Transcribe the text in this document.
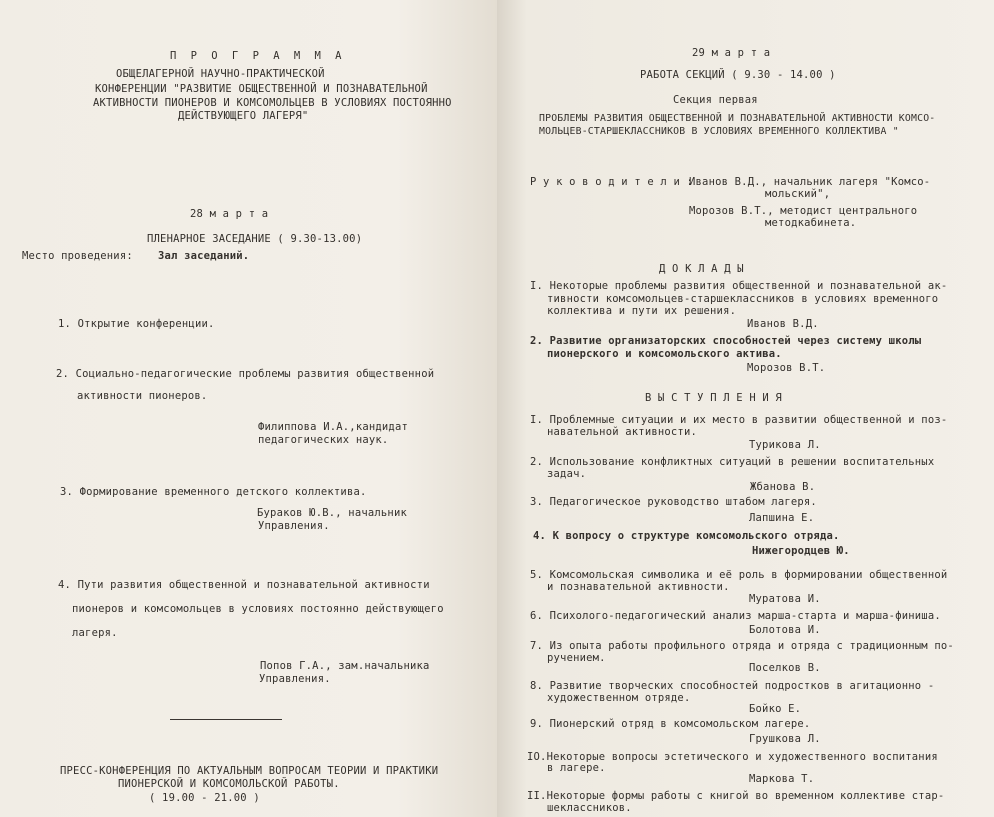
П Р О Г Р А М М А
ОБЩЕЛАГЕРНОЙ НАУЧНО-ПРАКТИЧЕСКОЙ
КОНФЕРЕНЦИИ "РАЗВИТИЕ ОБЩЕСТВЕННОЙ И ПОЗНАВАТЕЛЬНОЙ
АКТИВНОСТИ ПИОНЕРОВ И КОМСОМОЛЬЦЕВ В УСЛОВИЯХ ПОСТОЯННО
ДЕЙСТВУЮЩЕГО ЛАГЕРЯ"
28 м а р т а
ПЛЕНАРНОЕ ЗАСЕДАНИЕ ( 9.30-13.00)
Место проведения: Зал заседаний.
1. Открытие конференции.
2. Социально-педагогические проблемы развития общественной
активности пионеров.
Филиппова И.А.,кандидат
педагогических наук.
3. Формирование временного детского коллектива.
Бураков Ю.В., начальник
Управления.
4. Пути развития общественной и познавательной активности
пионеров и комсомольцев в условиях постоянно действующего
лагеря.
Попов Г.А., зам.начальника
Управления.
ПРЕСС-КОНФЕРЕНЦИЯ ПО АКТУАЛЬНЫМ ВОПРОСАМ ТЕОРИИ И ПРАКТИКИ
ПИОНЕРСКОЙ И КОМСОМОЛЬСКОЙ РАБОТЫ.
( 19.00 - 21.00 )
29 м а р т а
РАБОТА СЕКЦИЙ ( 9.30 - 14.00 )
Секция первая
ПРОБЛЕМЫ РАЗВИТИЯ ОБЩЕСТВЕННОЙ И ПОЗНАВАТЕЛЬНОЙ АКТИВНОСТИ КОМСО-
МОЛЬЦЕВ-СТАРШЕКЛАССНИКОВ В УСЛОВИЯХ ВРЕМЕННОГО КОЛЛЕКТИВА "
Р у к о в о д и т е л и :
Иванов В.Д., начальник лагеря "Комсо-
мольский",
Морозов В.Т., методист центрального
методкабинета.
Д О К Л А Д Ы
I. Некоторые проблемы развития общественной и познавательной ак-
тивности комсомольцев-старшеклассников в условиях временного
коллектива и пути их решения.
Иванов В.Д.
2. Развитие организаторских способностей через систему школы
пионерского и комсомольского актива.
Морозов В.Т.
В Ы С Т У П Л Е Н И Я
I. Проблемные ситуации и их место в развитии общественной и поз-
навательной активности.
Турикова Л.
2. Использование конфликтных ситуаций в решении воспитательных
задач.
Жбанова В.
3. Педагогическое руководство штабом лагеря.
Лапшина Е.
4. К вопросу о структуре комсомольского отряда.
Нижегородцев Ю.
5. Комсомольская символика и её роль в формировании общественной
и познавательной активности.
Муратова И.
6. Психолого-педагогический анализ марша-старта и марша-финиша.
Болотова И.
7. Из опыта работы профильного отряда и отряда с традиционным по-
ручением.
Поселков В.
8. Развитие творческих способностей подростков в агитационно -
художественном отряде.
Бойко Е.
9. Пионерский отряд в комсомольском лагере.
Грушкова Л.
IO.Некоторые вопросы эстетического и художественного воспитания
в лагере.
Маркова Т.
II.Некоторые формы работы с книгой во временном коллективе стар-
шеклассников.
